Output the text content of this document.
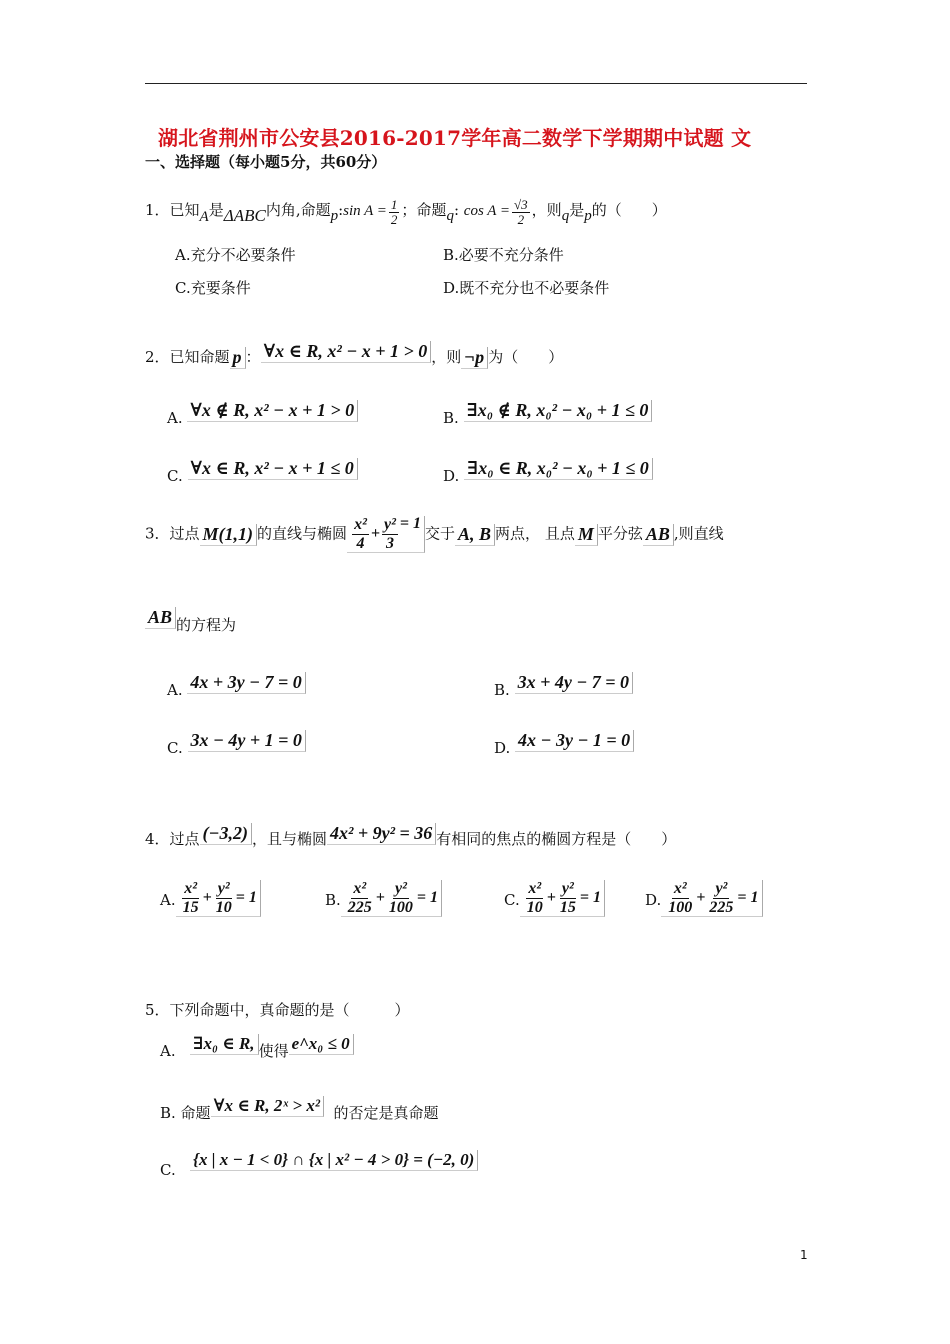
湖北省荆州市公安县2016-2017学年高二数学下学期期中试题 文
一、选择题（每小题5分，共60分）
1．已知A是ΔABC内角,命题p:sin $A = \frac{1}{2}$ ；命题q: $\cos A = \frac{√3}{2}$ ，则q是p的（　　）
A.充分不必要条件	B.必要不充分条件
C.充要条件	D.既不充分也不必要条件
2．已知命题 p ： ∀x ∈ R, x² − x + 1 > 0 ，则 ¬p 为（　　）
A. ∀x ∉ R, x² − x + 1 > 0	B. ∃x₀ ∉ R, x₀² − x₀ + 1 ≤ 0
C. ∀x ∈ R, x² − x + 1 ≤ 0	D. ∃x₀ ∈ R, x₀² − x₀ + 1 ≤ 0
3．过点 M(1,1) 的直线与椭圆 $\frac{\text{x²}}{4} + \frac{\text{y²}}{3} = 1$
交于 A, B 两点， 且点 M 平分弦 AB ,则直线
AB 的方程为
A. 4x + 3y − 7 = 0	B. 3x + 4y − 7 = 0
C. 3x − 4y + 1 = 0	D. 4x − 3y − 1 = 0
4．过点 (−3,2) ，且与椭圆 4x² + 9y² = 36 有相同的焦点的椭圆方程是（　　）
A. $\frac{\text{x²}}{15} + \frac{\text{y²}}{10} = 1$	B. $\frac{\text{x²}}{225} + \frac{\text{y²}}{100} = 1$	C. $\frac{\text{x²}}{10} + \frac{\text{y²}}{15} = 1$	D. $\frac{\text{x²}}{100} + \frac{\text{y²}}{225} = 1$
5．下列命题中，真命题的是（　　　）
A. ∃x₀ ∈ R, 使得 e^x₀ ≤ 0
B. 命题 ∀x ∈ R, 2ˣ > x² 的否定是真命题
C.   {x | x − 1 < 0} ∩ {x | x² − 4 > 0} = (−2, 0)
1
